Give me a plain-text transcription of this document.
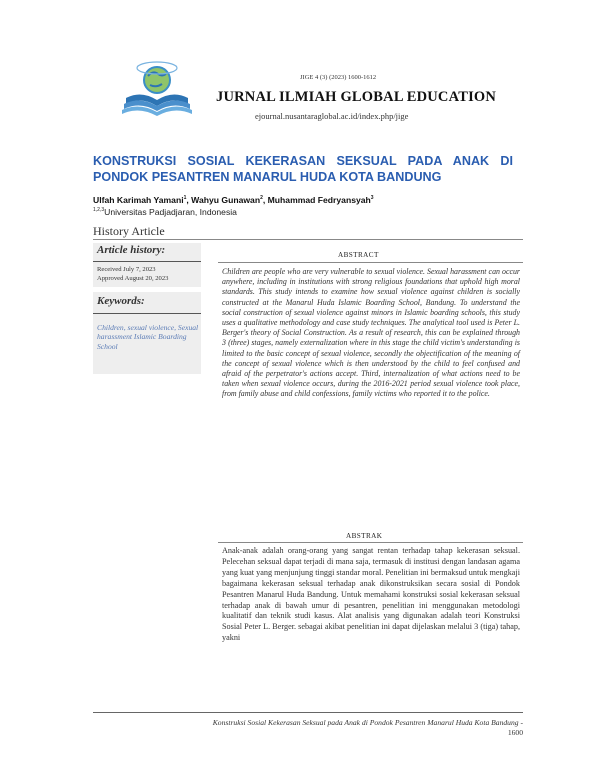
JIGE 4 (3) (2023) 1600-1612
JURNAL ILMIAH GLOBAL EDUCATION
ejournal.nusantaraglobal.ac.id/index.php/jige
KONSTRUKSI SOSIAL KEKERASAN SEKSUAL PADA ANAK DI PONDOK PESANTREN MANARUL HUDA KOTA BANDUNG
Ulfah Karimah Yamani$^1$, Wahyu Gunawan$^2$, Muhammad Fedryansyah$^3$
$^{1,2,3}$Universitas Padjadjaran, Indonesia
History Article
Article history:
Received July 7, 2023
Approved August 20, 2023
Keywords:
Children, sexual violence, Sexual harassment Islamic Boarding School
ABSTRACT

Children are people who are very vulnerable to sexual violence. Sexual harassment can occur anywhere, including in institutions with strong religious foundations that uphold high moral standards. This study intends to examine how sexual violence against children is socially constructed at the Manarul Huda Islamic Boarding School, Bandung. To understand the social construction of sexual violence against minors in Islamic boarding schools, this study uses a qualitative methodology and case study techniques. The analytical tool used is Peter L. Berger's theory of Social Construction. As a result of research, this can be explained through 3 (three) stages, namely externalization where in this stage the child victim's understanding is limited to the basic concept of sexual violence, secondly the objectification of the meaning of the concept of sexual violence which is then understood by the child to feel confused and afraid of the perpetrator's actions accept. Third, internalization of what actions need to be taken when sexual violence occurs, during the 2016-2021 period sexual violence took place, from family abuse and child confessions, family victims who reported it to the police.

ABSTRAK

Anak-anak adalah orang-orang yang sangat rentan terhadap tahap kekerasan seksual. Pelecehan seksual dapat terjadi di mana saja, termasuk di institusi dengan landasan agama yang kuat yang menjunjung tinggi standar moral. Penelitian ini bermaksud untuk mengkaji bagaimana kekerasan seksual terhadap anak dikonstruksikan secara sosial di Pondok Pesantren Manarul Huda Bandung. Untuk memahami konstruksi sosial kekerasan seksual terhadap anak di bawah umur di pesantren, penelitian ini menggunakan metodologi kualitatif dan teknik studi kasus. Alat analisis yang digunakan adalah teori Konstruksi Sosial Peter L. Berger. sebagai akibat penelitian ini dapat dijelaskan melalui 3 (tiga) tahap, yakni

Konstruksi Sosial Kekerasan Seksual pada Anak di Pondok Pesantren Manarul Huda Kota Bandung -
1600
